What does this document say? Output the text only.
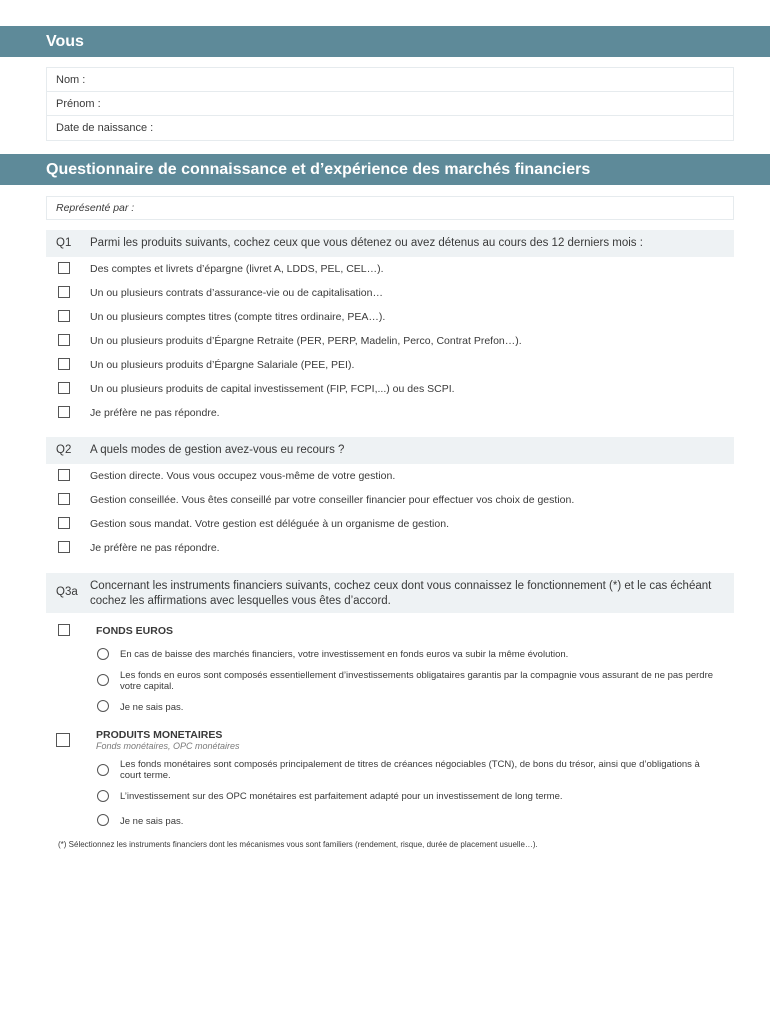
Vous
Nom :
Prénom :
Date de naissance :
Questionnaire de connaissance et d’expérience des marchés financiers
Représenté par :
Q1 Parmi les produits suivants, cochez ceux que vous détenez ou avez détenus au cours des 12 derniers mois :
Des comptes et livrets d’épargne (livret A, LDDS, PEL, CEL…).
Un ou plusieurs contrats d’assurance-vie ou de capitalisation…
Un ou plusieurs comptes titres (compte titres ordinaire, PEA…).
Un ou plusieurs produits d’Épargne Retraite (PER, PERP, Madelin, Perco, Contrat Prefon…).
Un ou plusieurs produits d’Épargne Salariale (PEE, PEI).
Un ou plusieurs produits de capital investissement (FIP, FCPI,...) ou des SCPI.
Je préfère ne pas répondre.
Q2 A quels modes de gestion avez-vous eu recours ?
Gestion directe. Vous vous occupez vous-même de votre gestion.
Gestion conseillée. Vous êtes conseillé par votre conseiller financier pour effectuer vos choix de gestion.
Gestion sous mandat. Votre gestion est déléguée à un organisme de gestion.
Je préfère ne pas répondre.
Q3a Concernant les instruments financiers suivants, cochez ceux dont vous connaissez le fonctionnement (*) et le cas échéant
cochez les affirmations avec lesquelles vous êtes d’accord.
FONDS EUROS
En cas de baisse des marchés financiers, votre investissement en fonds euros va subir la même évolution.
Les fonds en euros sont composés essentiellement d’investissements obligataires garantis par la compagnie vous assurant de ne pas perdre votre capital.
Je ne sais pas.
PRODUITS MONETAIRES
Fonds monétaires, OPC monétaires
Les fonds monétaires sont composés principalement de titres de créances négociables (TCN), de bons du trésor, ainsi que d’obligations à court terme.
L’investissement sur des OPC monétaires est parfaitement adapté pour un investissement de long terme.
Je ne sais pas.
(*) Sélectionnez les instruments financiers dont les mécanismes vous sont familiers (rendement, risque, durée de placement usuelle…).
